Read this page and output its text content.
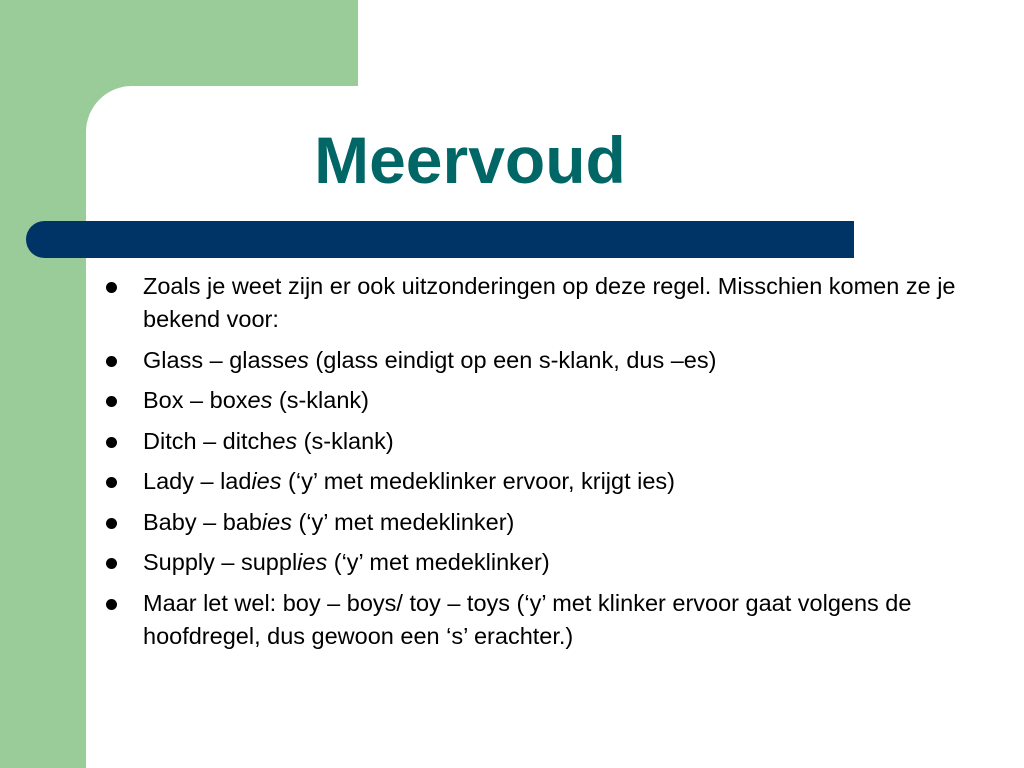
Meervoud
Zoals je weet zijn er ook uitzonderingen op deze regel. Misschien komen ze je bekend voor:
Glass – glasses (glass eindigt op een s-klank, dus –es)
Box – boxes (s-klank)
Ditch – ditches (s-klank)
Lady – ladies (‘y’ met medeklinker ervoor, krijgt ies)
Baby – babies (‘y’ met medeklinker)
Supply – supplies (‘y’ met medeklinker)
Maar let wel: boy – boys/ toy – toys (‘y’ met klinker ervoor gaat volgens de hoofdregel, dus gewoon een ‘s’ erachter.)
